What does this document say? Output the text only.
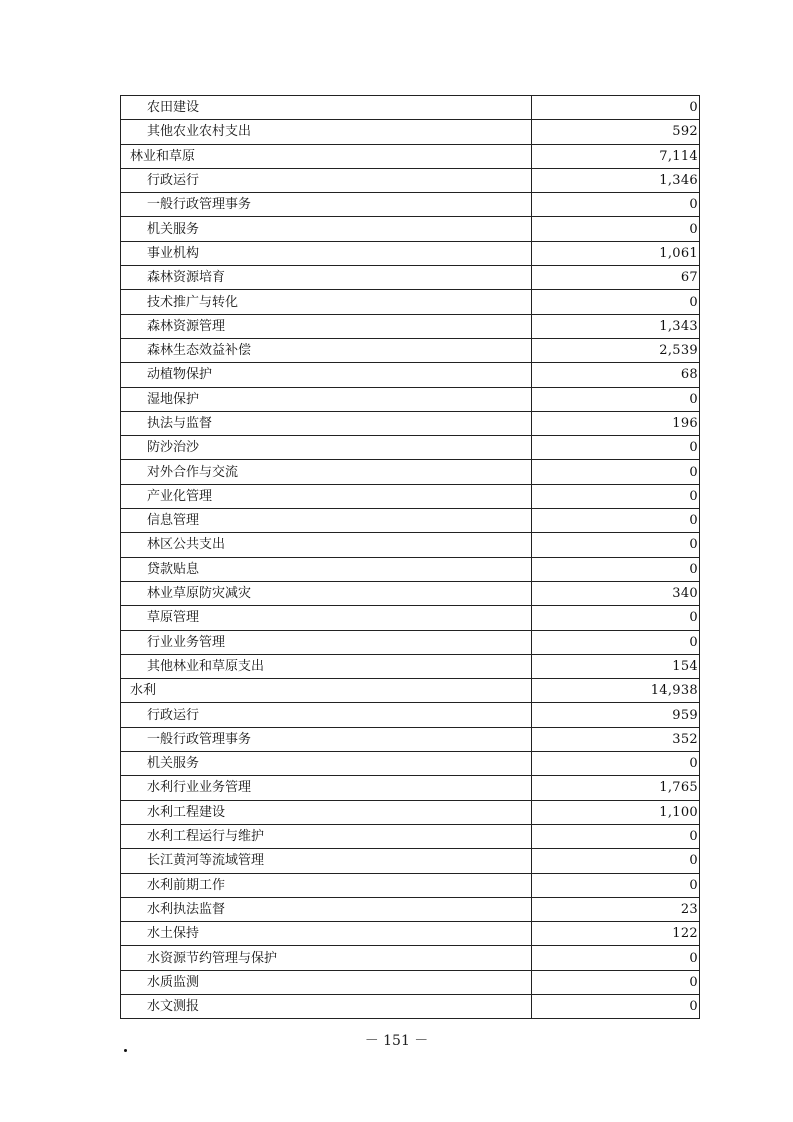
农田建设	0
其他农业农村支出	592
林业和草原	7,114
行政运行	1,346
一般行政管理事务	0
机关服务	0
事业机构	1,061
森林资源培育	67
技术推广与转化	0
森林资源管理	1,343
森林生态效益补偿	2,539
动植物保护	68
湿地保护	0
执法与监督	196
防沙治沙	0
对外合作与交流	0
产业化管理	0
信息管理	0
林区公共支出	0
贷款贴息	0
林业草原防灾减灾	340
草原管理	0
行业业务管理	0
其他林业和草原支出	154
水利	14,938
行政运行	959
一般行政管理事务	352
机关服务	0
水利行业业务管理	1,765
水利工程建设	1,100
水利工程运行与维护	0
长江黄河等流域管理	0
水利前期工作	0
水利执法监督	23
水土保持	122
水资源节约管理与保护	0
水质监测	0
水文测报	0
－ 151 －
